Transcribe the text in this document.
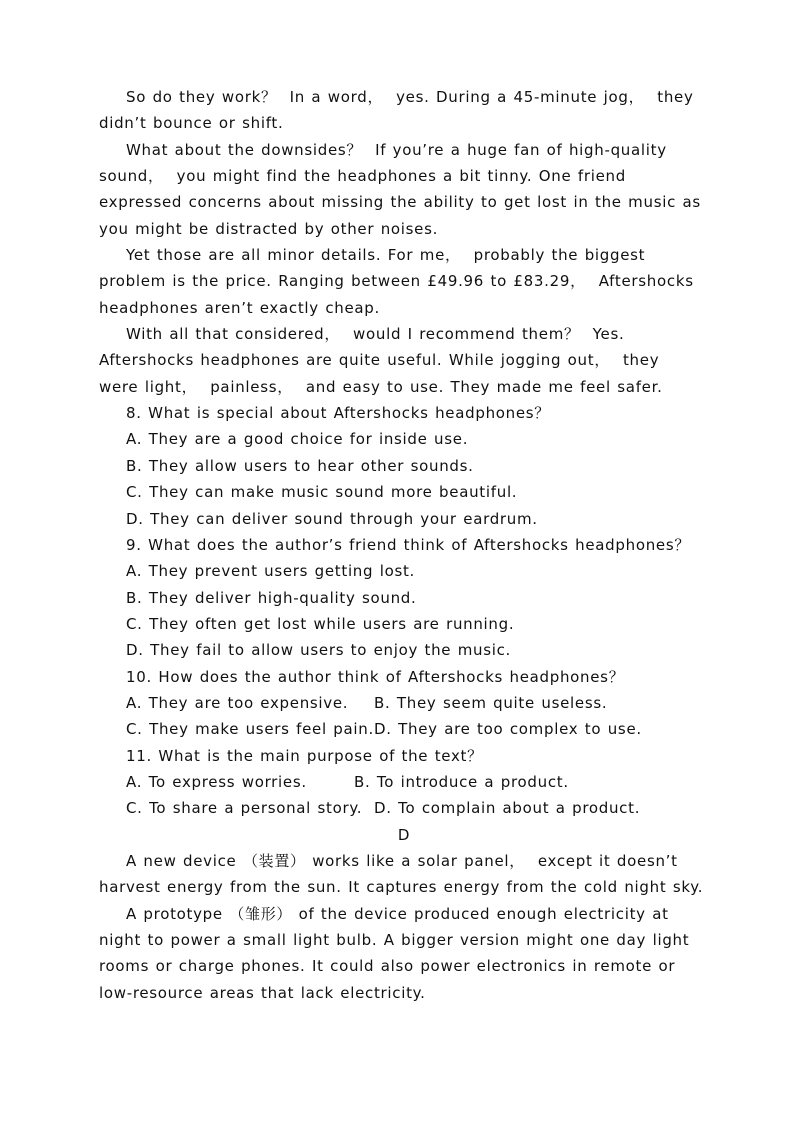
So do they work？  In a word，  yes. During a 45-minute jog，  they
didn’t bounce or shift.
What about the downsides？  If you’re a huge fan of high-quality
sound，  you might find the headphones a bit tinny. One friend
expressed concerns about missing the ability to get lost in the music as
you might be distracted by other noises.
Yet those are all minor details. For me，  probably the biggest
problem is the price. Ranging between £49.96 to £83.29，  Aftershocks
headphones aren’t exactly cheap.
With all that considered，  would I recommend them？  Yes.
Aftershocks headphones are quite useful. While jogging out，  they
were light，  painless，  and easy to use. They made me feel safer.
8. What is special about Aftershocks headphones？
A. They are a good choice for inside use.
B. They allow users to hear other sounds.
C. They can make music sound more beautiful.
D. They can deliver sound through your eardrum.
9. What does the author’s friend think of Aftershocks headphones？
A. They prevent users getting lost.
B. They deliver high-quality sound.
C. They often get lost while users are running.
D. They fail to allow users to enjoy the music.
10. How does the author think of Aftershocks headphones？
A. They are too expensive.	B. They seem quite useless.
C. They make users feel pain. D. They are too complex to use.
11. What is the main purpose of the text？
A. To express worries.	B. To introduce a product.
C. To share a personal story. D. To complain about a product.
D
A new device （装置） works like a solar panel，  except it doesn’t
harvest energy from the sun. It captures energy from the cold night sky.
A prototype （雏形） of the device produced enough electricity at
night to power a small light bulb. A bigger version might one day light
rooms or charge phones. It could also power electronics in remote or
low-resource areas that lack electricity.
